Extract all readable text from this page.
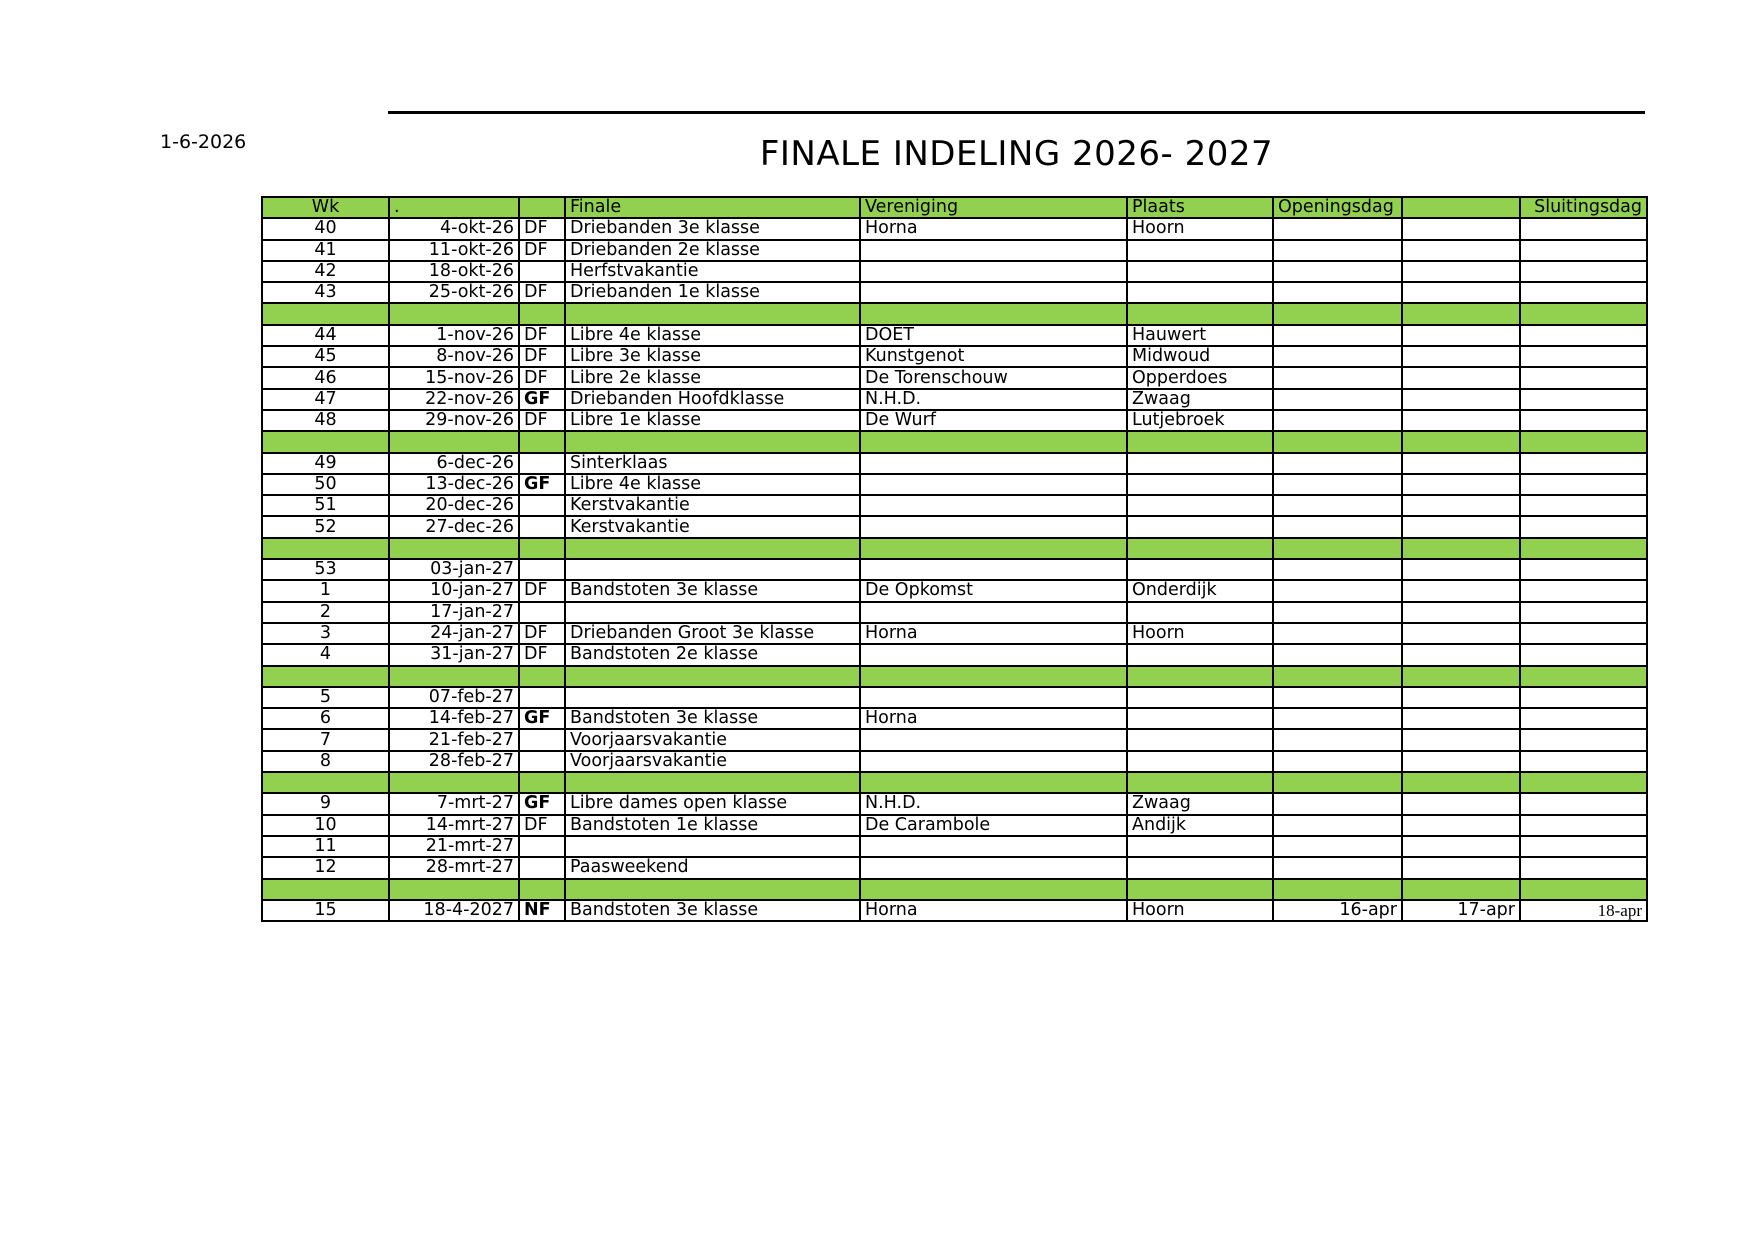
1-6-2026	FINALE INDELING 2026- 2027
Wk	.		Finale	Vereniging	Plaats	Openingsdag		Sluitingsdag
40	4-okt-26	DF	Driebanden 3e klasse	Horna	Hoorn			
41	11-okt-26	DF	Driebanden 2e klasse					
42	18-okt-26		Herfstvakantie					
43	25-okt-26	DF	Driebanden 1e klasse					

44	1-nov-26	DF	Libre 4e klasse	DOET	Hauwert			
45	8-nov-26	DF	Libre 3e klasse	Kunstgenot	Midwoud			
46	15-nov-26	DF	Libre 2e klasse	De Torenschouw	Opperdoes			
47	22-nov-26	GF	Driebanden Hoofdklasse	N.H.D.	Zwaag			
48	29-nov-26	DF	Libre 1e klasse	De Wurf	Lutjebroek			

49	6-dec-26		Sinterklaas					
50	13-dec-26	GF	Libre 4e klasse					
51	20-dec-26		Kerstvakantie					
52	27-dec-26		Kerstvakantie					

53	03-jan-27							
1	10-jan-27	DF	Bandstoten 3e klasse	De Opkomst	Onderdijk			
2	17-jan-27							
3	24-jan-27	DF	Driebanden Groot 3e klasse	Horna	Hoorn			
4	31-jan-27	DF	Bandstoten 2e klasse					

5	07-feb-27							
6	14-feb-27	GF	Bandstoten 3e klasse	Horna				
7	21-feb-27		Voorjaarsvakantie					
8	28-feb-27		Voorjaarsvakantie					

9	7-mrt-27	GF	Libre dames open klasse	N.H.D.	Zwaag			
10	14-mrt-27	DF	Bandstoten 1e klasse	De Carambole	Andijk			
11	21-mrt-27							
12	28-mrt-27		Paasweekend					

15	18-4-2027	NF	Bandstoten 3e klasse	Horna	Hoorn	16-apr	17-apr	18-apr
